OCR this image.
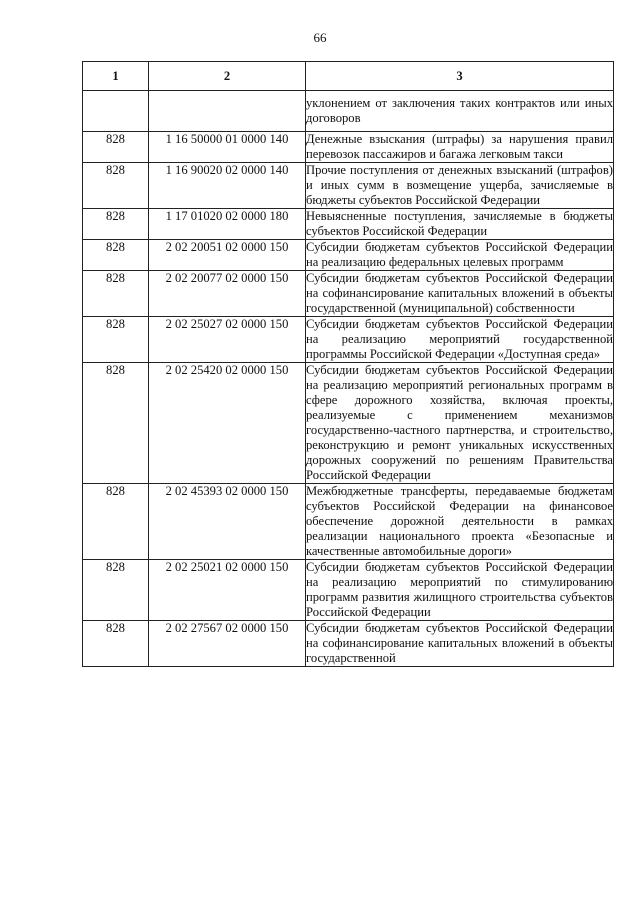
66
1	2	3
		уклонением от заключения таких контрактов или иных договоров
828	1 16 50000 01 0000 140	Денежные взыскания (штрафы) за нарушения правил перевозок пассажиров и багажа легковым такси
828	1 16 90020 02 0000 140	Прочие поступления от денежных взысканий (штрафов) и иных сумм в возмещение ущерба, зачисляемые в бюджеты субъектов Российской Федерации
828	1 17 01020 02 0000 180	Невыясненные поступления, зачисляемые в бюджеты субъектов Российской Федерации
828	2 02 20051 02 0000 150	Субсидии бюджетам субъектов Российской Федерации на реализацию федеральных целевых программ
828	2 02 20077 02 0000 150	Субсидии бюджетам субъектов Российской Федерации на софинансирование капитальных вложений в объекты государственной (муниципальной) собственности
828	2 02 25027 02 0000 150	Субсидии бюджетам субъектов Российской Федерации на реализацию мероприятий государственной программы Российской Федерации «Доступная среда»
828	2 02 25420 02 0000 150	Субсидии бюджетам субъектов Российской Федерации на реализацию мероприятий региональных программ в сфере дорожного хозяйства, включая проекты, реализуемые с применением механизмов государственно-частного партнерства, и строительство, реконструкцию и ремонт уникальных искусственных дорожных сооружений по решениям Правительства Российской Федерации
828	2 02 45393 02 0000 150	Межбюджетные трансферты, передаваемые бюджетам субъектов Российской Федерации на финансовое обеспечение дорожной деятельности в рамках реализации национального проекта «Безопасные и качественные автомобильные дороги»
828	2 02 25021 02 0000 150	Субсидии бюджетам субъектов Российской Федерации на реализацию мероприятий по стимулированию программ развития жилищного строительства субъектов Российской Федерации
828	2 02 27567 02 0000 150	Субсидии бюджетам субъектов Российской Федерации на софинансирование капитальных вложений в объекты государственной
